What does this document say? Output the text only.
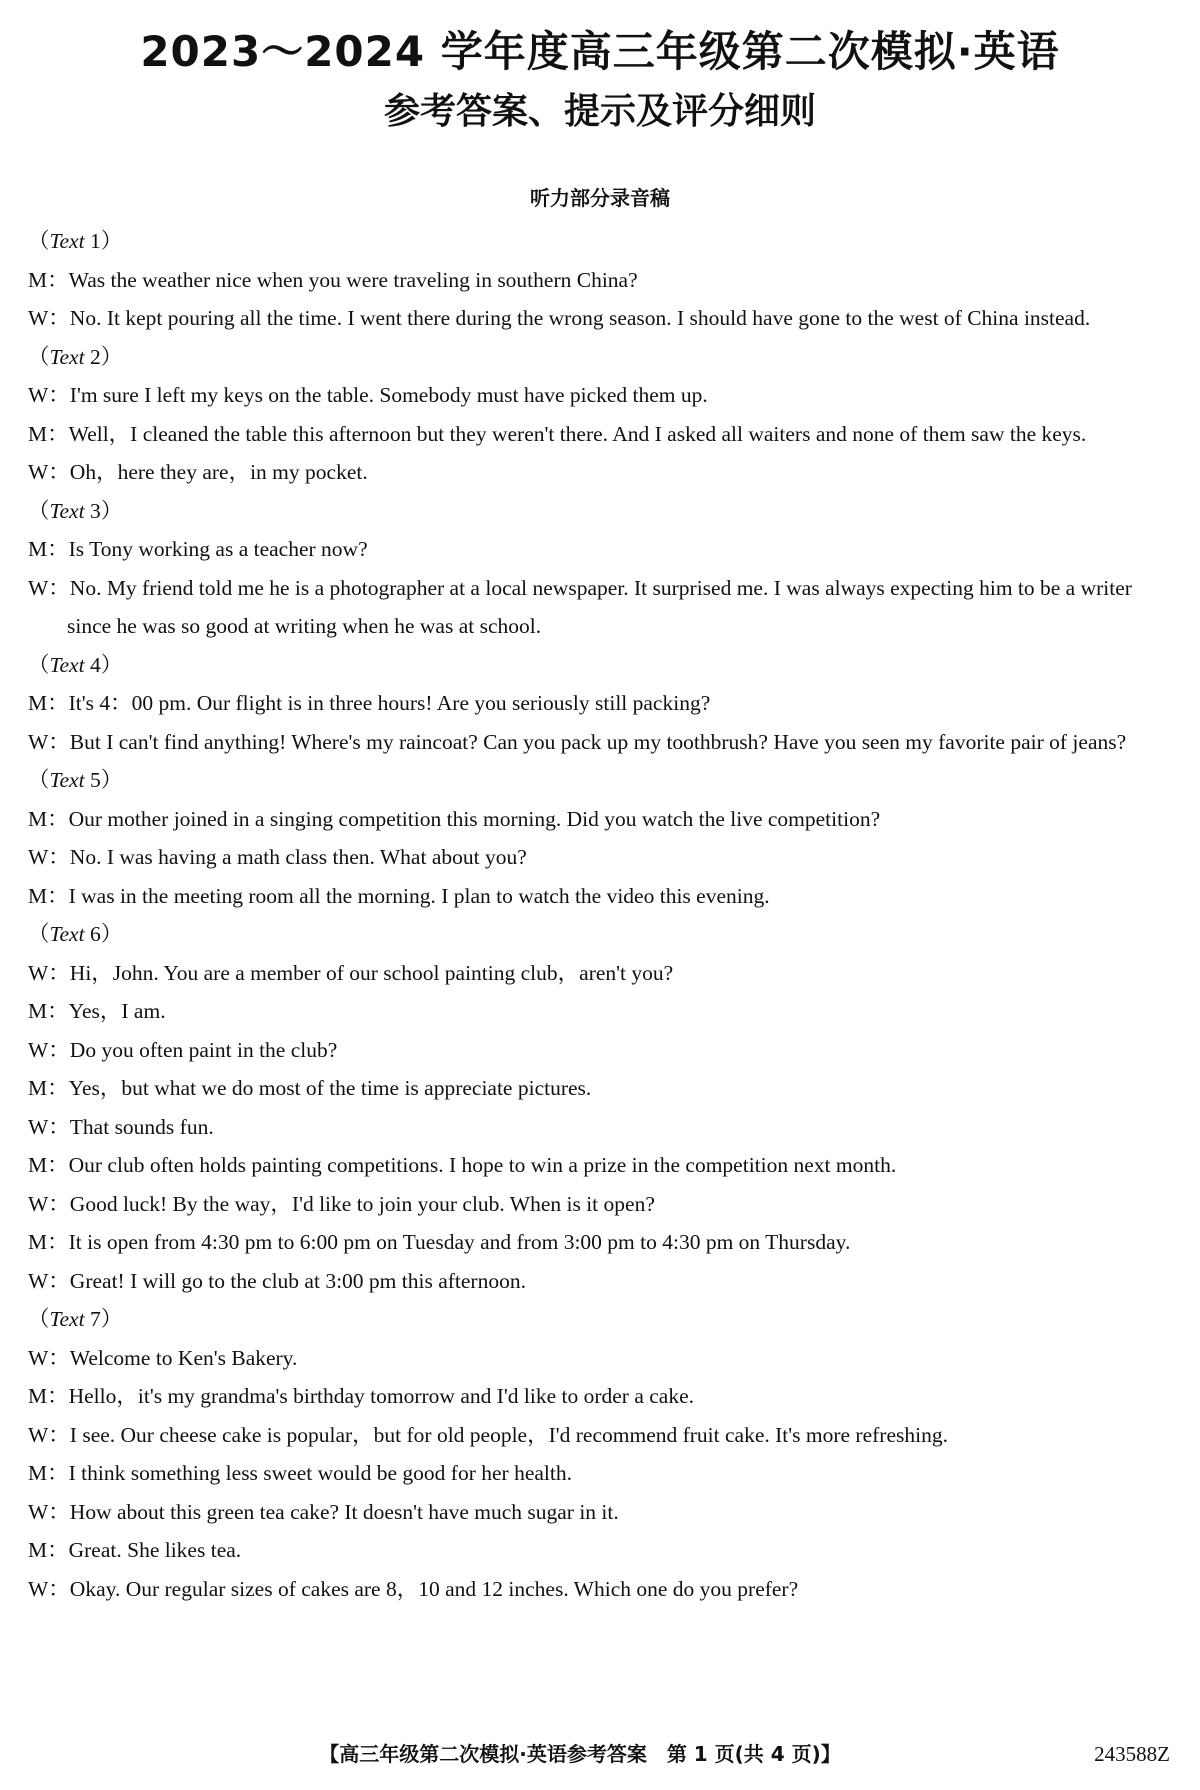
2023～2024 学年度高三年级第二次模拟·英语
参考答案、提示及评分细则
听力部分录音稿

（Text 1）

M：Was the weather nice when you were traveling in southern China?

W：No. It kept pouring all the time. I went there during the wrong season. I should have gone to the west of China instead.

（Text 2）

W：I'm sure I left my keys on the table. Somebody must have picked them up.

M：Well，I cleaned the table this afternoon but they weren't there. And I asked all waiters and none of them saw the keys.

W：Oh，here they are，in my pocket.

（Text 3）

M：Is Tony working as a teacher now?

W：No. My friend told me he is a photographer at a local newspaper. It surprised me. I was always expecting him to be a writer since he was so good at writing when he was at school.

（Text 4）

M：It's 4：00 pm. Our flight is in three hours! Are you seriously still packing?

W：But I can't find anything! Where's my raincoat? Can you pack up my toothbrush? Have you seen my favorite pair of jeans?

（Text 5）

M：Our mother joined in a singing competition this morning. Did you watch the live competition?

W：No. I was having a math class then. What about you?

M：I was in the meeting room all the morning. I plan to watch the video this evening.

（Text 6）

W：Hi，John. You are a member of our school painting club，aren't you?

M：Yes，I am.

W：Do you often paint in the club?

M：Yes，but what we do most of the time is appreciate pictures.

W：That sounds fun.

M：Our club often holds painting competitions. I hope to win a prize in the competition next month.

W：Good luck! By the way，I'd like to join your club. When is it open?

M：It is open from 4:30 pm to 6:00 pm on Tuesday and from 3:00 pm to 4:30 pm on Thursday.

W：Great! I will go to the club at 3:00 pm this afternoon.

（Text 7）

W：Welcome to Ken's Bakery.

M：Hello，it's my grandma's birthday tomorrow and I'd like to order a cake.

W：I see. Our cheese cake is popular，but for old people，I'd recommend fruit cake. It's more refreshing.

M：I think something less sweet would be good for her health.

W：How about this green tea cake? It doesn't have much sugar in it.

M：Great. She likes tea.

W：Okay. Our regular sizes of cakes are 8，10 and 12 inches. Which one do you prefer?

【高三年级第二次模拟·英语参考答案　第 1 页(共 4 页)】	243588Z
